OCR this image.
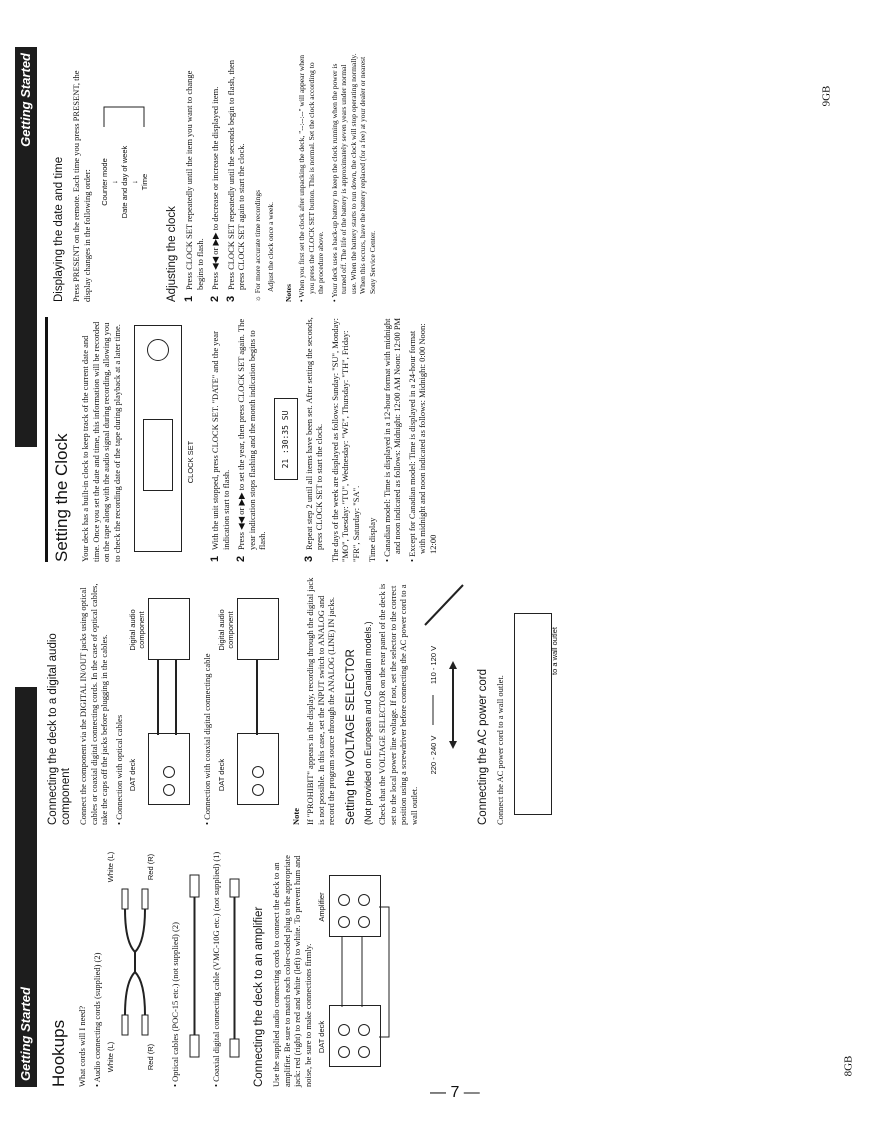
Getting Started
Getting Started
Hookups What cords will I need? • Audio connecting cords (supplied) (2) White (L)	Red (R)
White (L)	Red (R)

• Optical cables (POC-15 etc.) (not supplied) (2)	• Coaxial digital connecting cable (VMC-10G etc.) (not supplied) (1)	Connecting the deck to an amplifier Use the supplied audio connecting cords to connect the deck to an amplifier. Be sure to match each color-coded plug to the appropriate jack: red (right) to red and white (left) to white. To prevent hum and noise, be sure to make connections firmly. DAT deck
Amplifier
Connecting the deck to a digital audio component Connect the component via the DIGITAL IN/OUT jacks using optical cables or coaxial digital connecting cords. In the case of optical cables, take the caps off the jacks before plugging in the cables. • Connection with optical cables DAT deck
Digital audio component

• Connection with coaxial digital connecting cable DAT deck
Digital audio component

Note If "PROHIBIT" appears in the display, recording through the digital jack is not possible. In this case, set the INPUT switch to ANALOG and record the program source through the ANALOG (LINE) IN jacks. Setting the VOLTAGE SELECTOR (Not provided on European and Canadian models.) Check that the VOLTAGE SELECTOR on the rear panel of the deck is set to the local power line voltage. If not, set the selector to the correct position using a screwdriver before connecting the AC power cord to a wall outlet.

220 - 240 V
110 - 120 V
Connecting the AC power cord Connect the AC power cord to a wall outlet.

to a wall outlet
Setting the Clock Your deck has a built-in clock to keep track of the current date and time. Once you set the date and time, this information will be recorded on the tape along with the audio signal during recording, allowing you to check the recording date of the tape during playback at a later time.	CLOCK SET
1
With the unit stopped, press CLOCK SET. "DATE" and the year indication start to flash.
2
Press ◀◀ or ▶▶ to set the year, then press CLOCK SET again. The year indication stops flashing and the month indication begins to flash.
21 :30:35 SU
3
Repeat step 2 until all items have been set. After setting the seconds, press CLOCK SET to start the clock. The days of the week are displayed as follows: Sunday: "SU", Monday: "MO", Tuesday: "TU", Wednesday: "WE", Thursday: "TH", Friday: "FR", Saturday: "SA". Time display • Canadian model: Time is displayed in a 12-hour format with midnight and noon indicated as follows: Midnight: 12:00 AM Noon: 12:00 PM • Except for Canadian model: Time is displayed in a 24-hour format with midnight and noon indicated as follows: Midnight: 0:00 Noon: 12:00

Displaying the date and time Press PRESENT on the remote. Each time you press PRESENT, the display changes in the following order: Counter mode ↓ Date and day of week ↓ Time
Adjusting the clock 1
Press CLOCK SET repeatedly until the item you want to change begins to flash.
2
Press ◀◀ or ▶▶ to decrease or increase the displayed item.
3
Press CLOCK SET repeatedly until the seconds begin to flash, then press CLOCK SET again to start the clock.

☼ For more accurate time recordings Adjust the clock once a week.

Notes • When you first set the clock after unpacking the deck, "--:--:--" will appear when you press the CLOCK SET button. This is normal. Set the clock according to the procedure above. • Your deck uses a back-up battery to keep the clock running when the power is turned off. The life of the battery is approximately seven years under normal use. When the battery starts to run down, the clock will stop operating normally. When this occurs, have the battery replaced (for a fee) at your dealer or nearest Sony Service Center.

— 7 —
8GB
9GB
